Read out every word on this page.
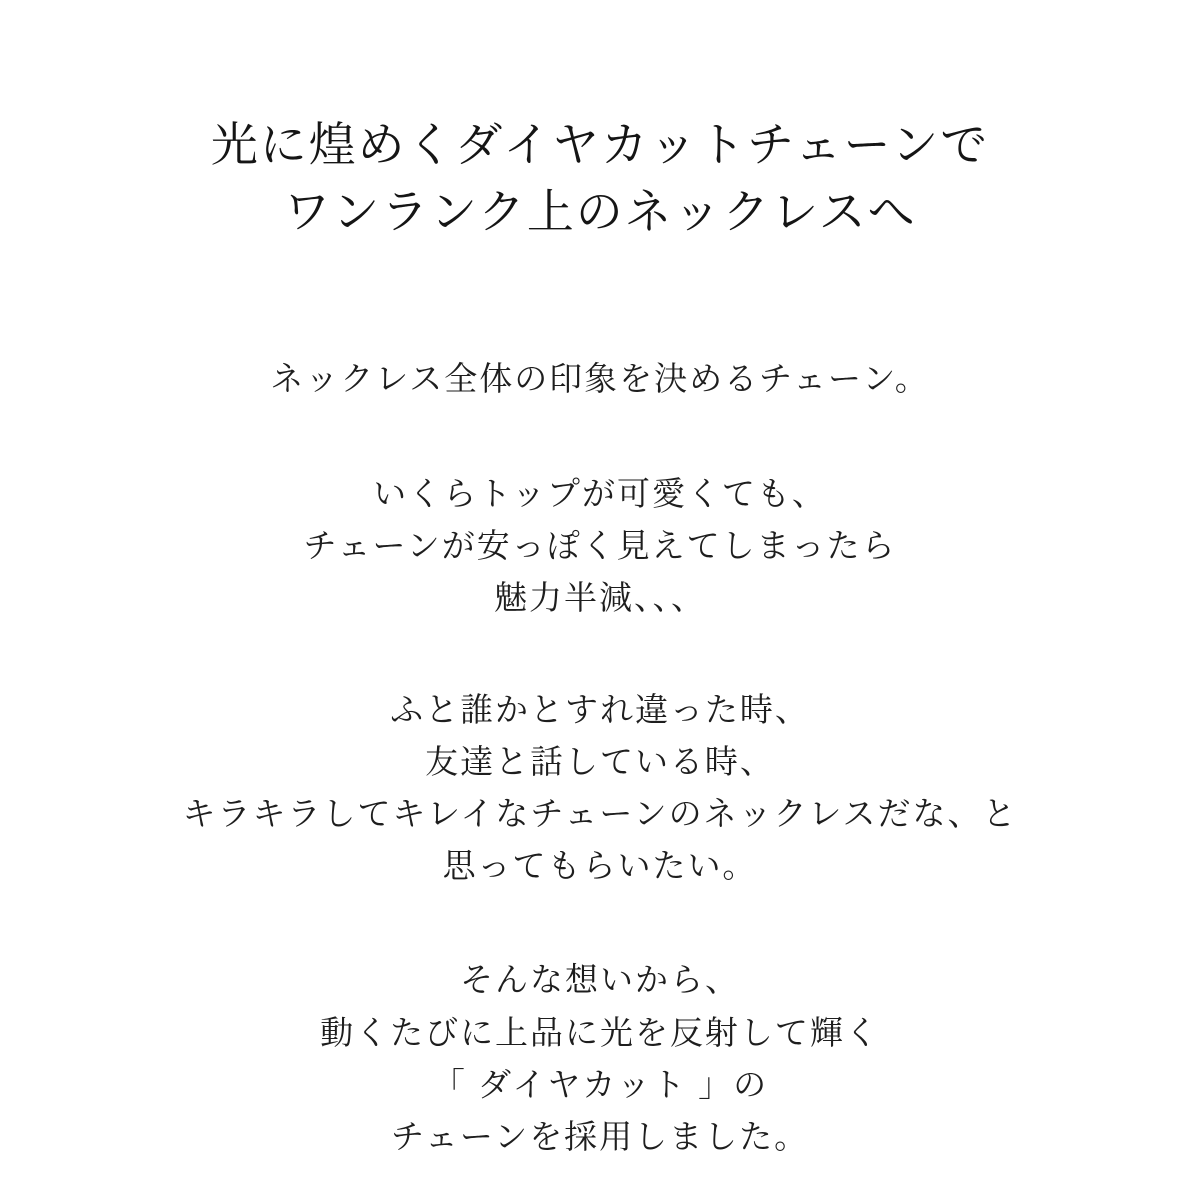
光に煌めくダイヤカットチェーンで
ワンランク上のネックレスへ

ネックレス全体の印象を決めるチェーン。

いくらトップが可愛くても、
チェーンが安っぽく見えてしまったら
魅力半減、、、

ふと誰かとすれ違った時、
友達と話している時、
キラキラしてキレイなチェーンのネックレスだな、と
思ってもらいたい。

そんな想いから、
動くたびに上品に光を反射して輝く
「 ダイヤカット 」の
チェーンを採用しました。
